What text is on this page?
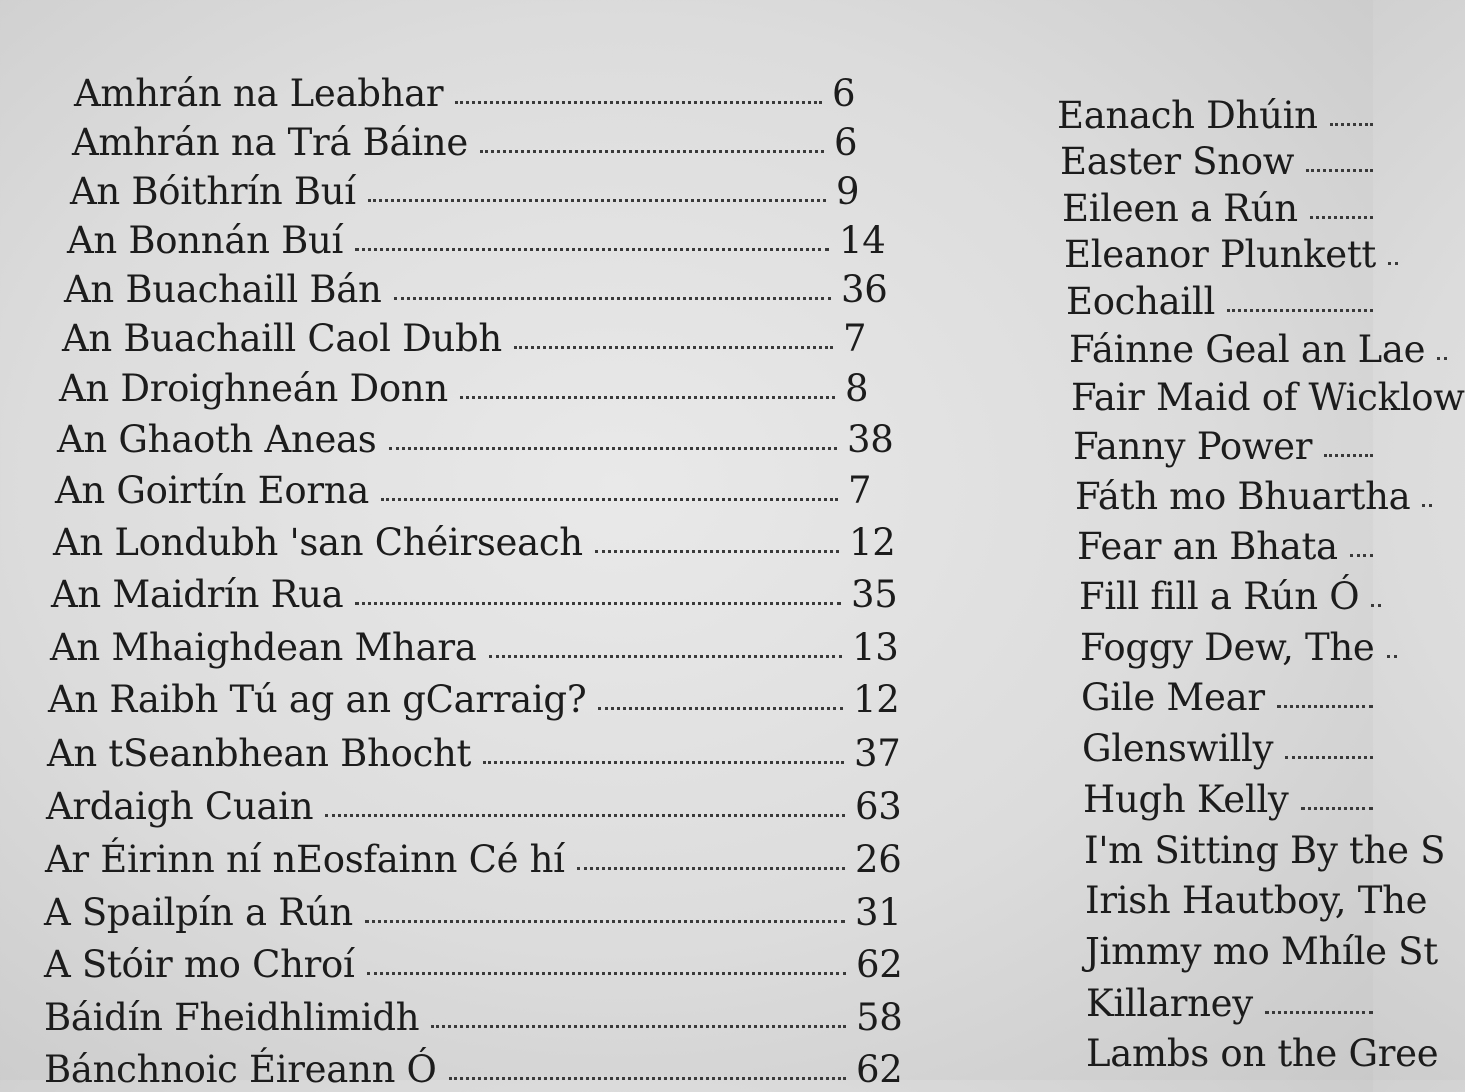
Amhrán na Leabhar	6
Amhrán na Trá Báine	6
An Bóithrín Buí	9
An Bonnán Buí	14
An Buachaill Bán	36
An Buachaill Caol Dubh	7
An Droighneán Donn	8
An Ghaoth Aneas	38
An Goirtín Eorna	7
An Londubh 'san Chéirseach	12
An Maidrín Rua	35
An Mhaighdean Mhara	13
An Raibh Tú ag an gCarraig?	12
An tSeanbhean Bhocht	37
Ardaigh Cuain	63
Ar Éirinn ní nEosfainn Cé hí	26
A Spailpín a Rún	31
A Stóir mo Chroí	62
Báidín Fheidhlimidh	58
Bánchnoic Éireann Ó	62
Eanach Dhúin
Easter Snow
Eileen a Rún
Eleanor Plunkett
Eochaill
Fáinne Geal an Lae
Fair Maid of Wicklow
Fanny Power
Fáth mo Bhuartha
Fear an Bhata
Fill fill a Rún Ó
Foggy Dew, The
Gile Mear
Glenswilly
Hugh Kelly
I'm Sitting By the S
Irish Hautboy, The
Jimmy mo Mhíle St
Killarney
Lambs on the Gree
